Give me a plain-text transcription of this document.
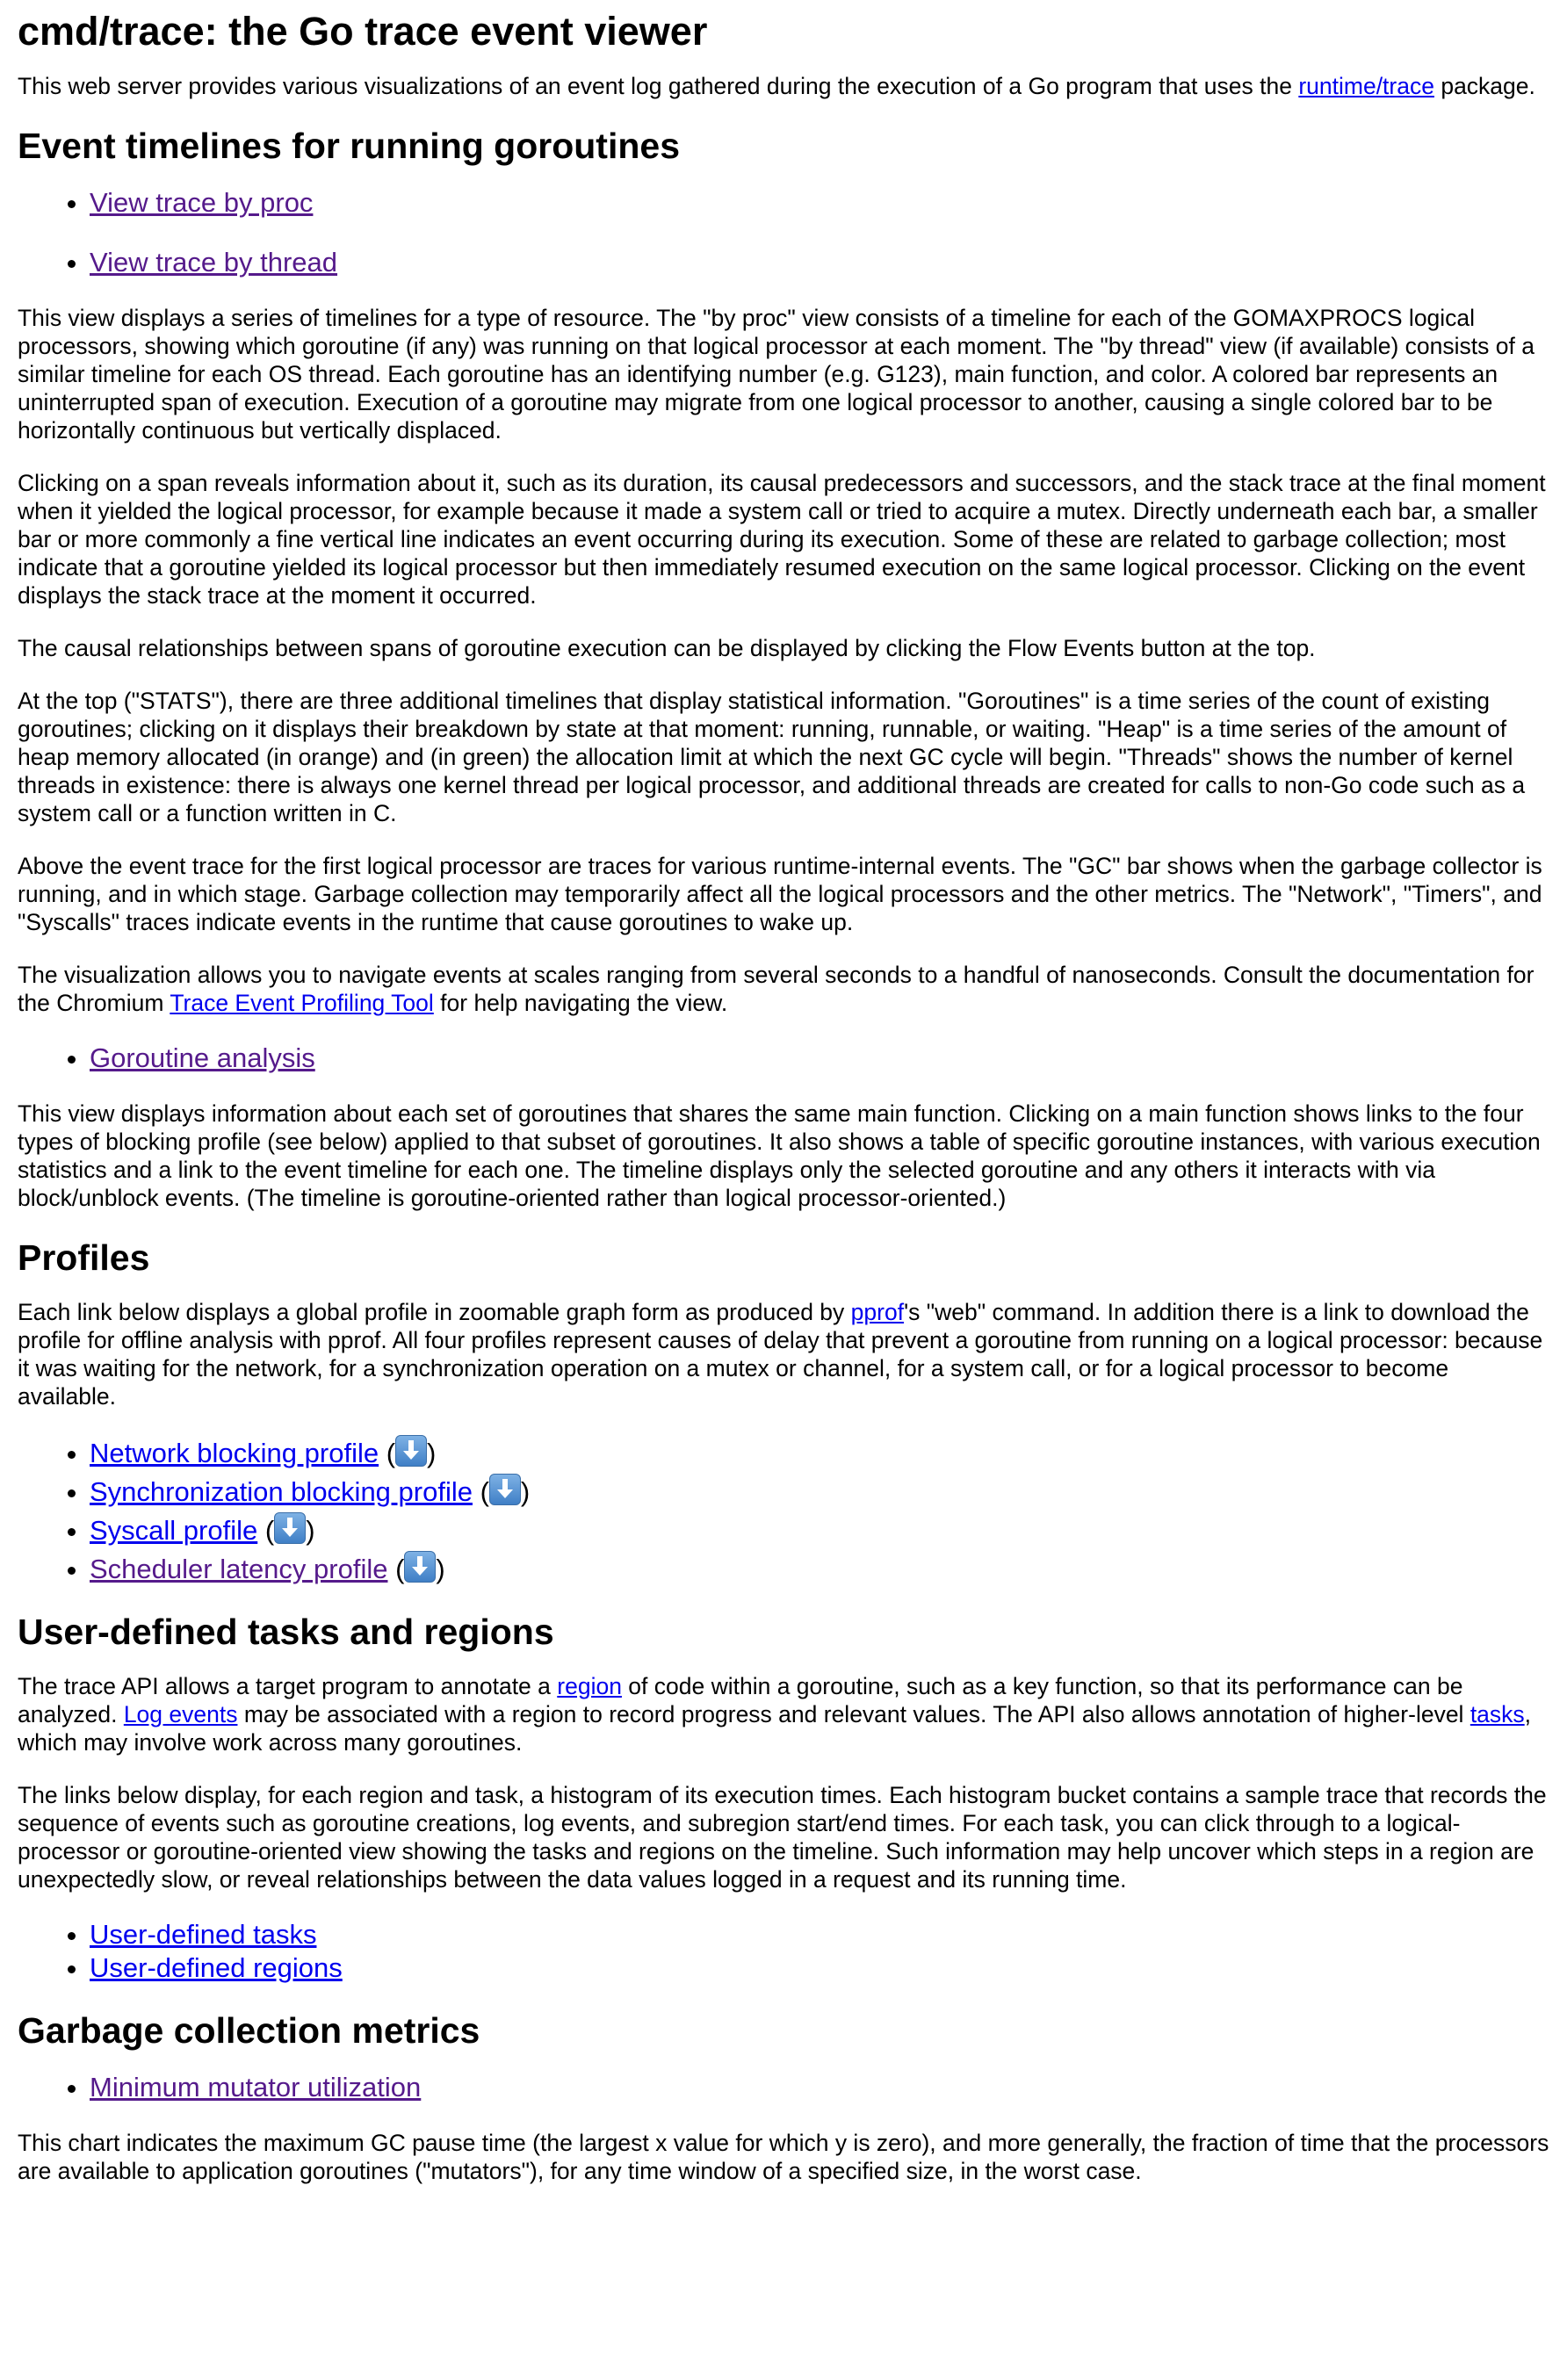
cmd/trace: the Go trace event viewer

This web server provides various visualizations of an event log gathered during the execution of a Go program that uses the runtime/trace package.

Event timelines for running goroutines
• View trace by proc
• View trace by thread

This view displays a series of timelines for a type of resource. The "by proc" view consists of a timeline for each of the GOMAXPROCS logical processors, showing which goroutine (if any) was running on that logical processor at each moment. The "by thread" view (if available) consists of a similar timeline for each OS thread. Each goroutine has an identifying number (e.g. G123), main function, and color. A colored bar represents an uninterrupted span of execution. Execution of a goroutine may migrate from one logical processor to another, causing a single colored bar to be horizontally continuous but vertically displaced.

Clicking on a span reveals information about it, such as its duration, its causal predecessors and successors, and the stack trace at the final moment when it yielded the logical processor, for example because it made a system call or tried to acquire a mutex. Directly underneath each bar, a smaller bar or more commonly a fine vertical line indicates an event occurring during its execution. Some of these are related to garbage collection; most indicate that a goroutine yielded its logical processor but then immediately resumed execution on the same logical processor. Clicking on the event displays the stack trace at the moment it occurred.

The causal relationships between spans of goroutine execution can be displayed by clicking the Flow Events button at the top.

At the top ("STATS"), there are three additional timelines that display statistical information. "Goroutines" is a time series of the count of existing goroutines; clicking on it displays their breakdown by state at that moment: running, runnable, or waiting. "Heap" is a time series of the amount of heap memory allocated (in orange) and (in green) the allocation limit at which the next GC cycle will begin. "Threads" shows the number of kernel threads in existence: there is always one kernel thread per logical processor, and additional threads are created for calls to non-Go code such as a system call or a function written in C.

Above the event trace for the first logical processor are traces for various runtime-internal events. The "GC" bar shows when the garbage collector is running, and in which stage. Garbage collection may temporarily affect all the logical processors and the other metrics. The "Network", "Timers", and "Syscalls" traces indicate events in the runtime that cause goroutines to wake up.

The visualization allows you to navigate events at scales ranging from several seconds to a handful of nanoseconds. Consult the documentation for the Chromium Trace Event Profiling Tool for help navigating the view.

• Goroutine analysis

This view displays information about each set of goroutines that shares the same main function. Clicking on a main function shows links to the four types of blocking profile (see below) applied to that subset of goroutines. It also shows a table of specific goroutine instances, with various execution statistics and a link to the event timeline for each one. The timeline displays only the selected goroutine and any others it interacts with via block/unblock events. (The timeline is goroutine-oriented rather than logical processor-oriented.)

Profiles

Each link below displays a global profile in zoomable graph form as produced by pprof's "web" command. In addition there is a link to download the profile for offline analysis with pprof. All four profiles represent causes of delay that prevent a goroutine from running on a logical processor: because it was waiting for the network, for a synchronization operation on a mutex or channel, for a system call, or for a logical processor to become available.

• Network blocking profile ( )
• Synchronization blocking profile ( )
• Syscall profile ( )
• Scheduler latency profile ( )
User-defined tasks and regions

The trace API allows a target program to annotate a region of code within a goroutine, such as a key function, so that its performance can be analyzed. Log events may be associated with a region to record progress and relevant values. The API also allows annotation of higher-level tasks, which may involve work across many goroutines.

The links below display, for each region and task, a histogram of its execution times. Each histogram bucket contains a sample trace that records the sequence of events such as goroutine creations, log events, and subregion start/end times. For each task, you can click through to a logical-processor or goroutine-oriented view showing the tasks and regions on the timeline. Such information may help uncover which steps in a region are unexpectedly slow, or reveal relationships between the data values logged in a request and its running time.

• User-defined tasks
• User-defined regions
Garbage collection metrics
• Minimum mutator utilization

This chart indicates the maximum GC pause time (the largest x value for which y is zero), and more generally, the fraction of time that the processors are available to application goroutines ("mutators"), for any time window of a specified size, in the worst case.
